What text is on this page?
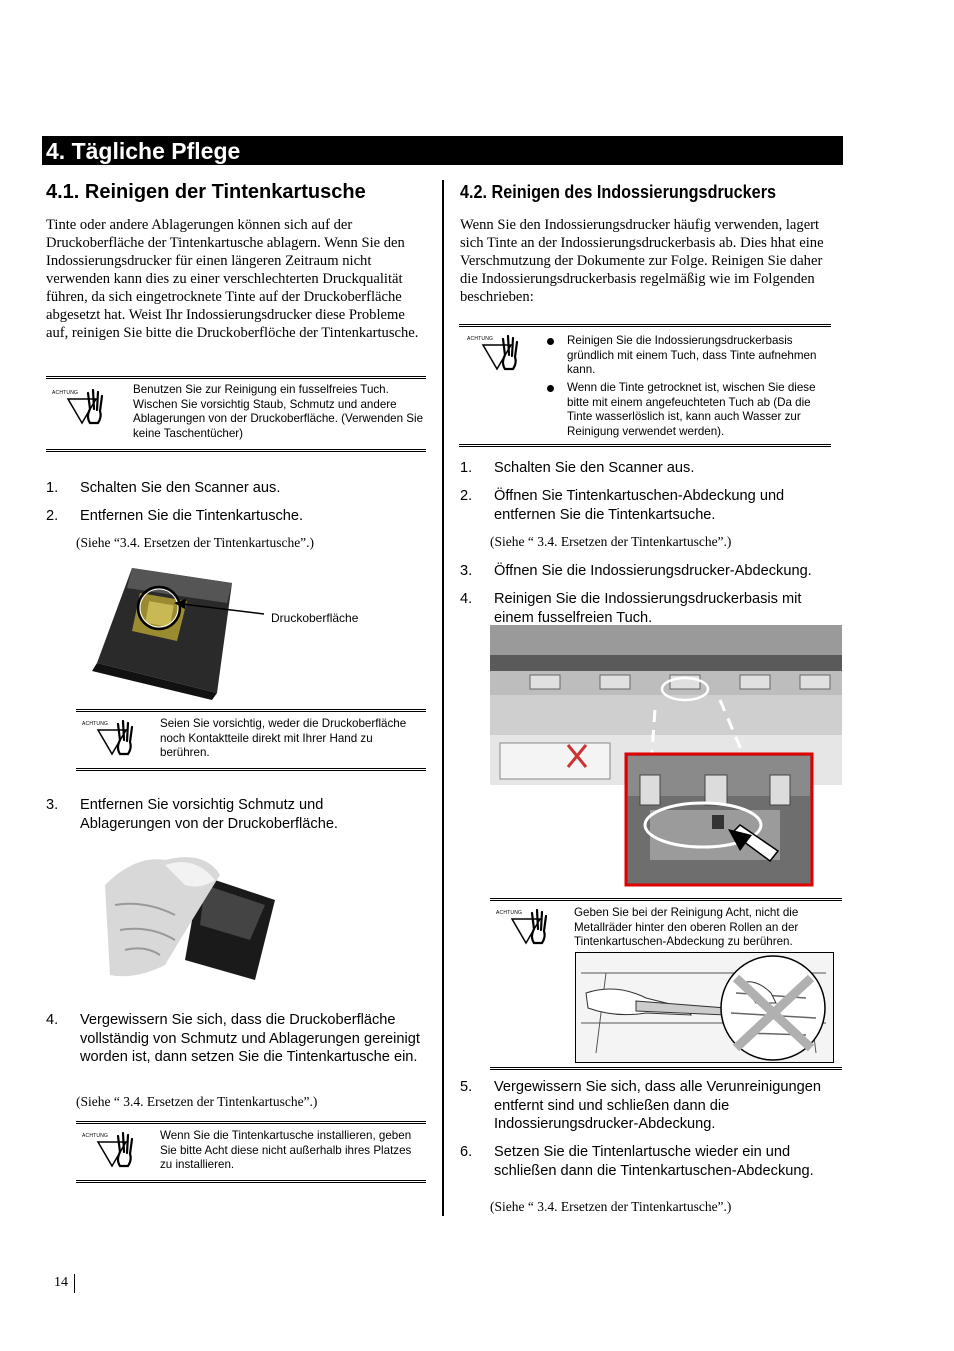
4. Tägliche Pflege
4.1. Reinigen der Tintenkartusche
Tinte oder andere Ablagerungen können sich auf der Druckoberfläche der Tintenkartusche ablagern. Wenn Sie den Indossierungsdrucker für einen längeren Zeitraum nicht verwenden kann dies zu einer verschlechterten Druckqualität führen, da sich eingetrocknete Tinte auf der Druckoberfläche abgesetzt hat. Weist Ihr Indossierungsdrucker diese Probleme auf, reinigen Sie bitte die Druckoberflöche der Tintenkartusche.
ACHTUNG	Benutzen Sie zur Reinigung ein fusselfreies Tuch. Wischen Sie vorsichtig Staub, Schmutz und andere Ablagerungen von der Druckoberfläche. (Verwenden Sie keine Taschentücher)
1. Schalten Sie den Scanner aus.
2. Entfernen Sie die Tintenkartusche.
(Siehe “3.4. Ersetzen der Tintenkartusche”.)
Druckoberfläche
ACHTUNG	Seien Sie vorsichtig, weder die Druckoberfläche noch Kontaktteile direkt mit Ihrer Hand zu berühren.
3. Entfernen Sie vorsichtig Schmutz und Ablagerungen von der Druckoberfläche.
4. Vergewissern Sie sich, dass die Druckoberfläche vollständig von Schmutz und Ablagerungen gereinigt worden ist, dann setzen Sie die Tintenkartusche ein.
(Siehe “ 3.4. Ersetzen der Tintenkartusche”.)
ACHTUNG	Wenn Sie die Tintenkartusche installieren, geben Sie bitte Acht diese nicht außerhalb ihres Platzes zu installieren.
4.2. Reinigen des Indossierungsdruckers
Wenn Sie den Indossierungsdrucker häufig verwenden, lagert sich Tinte an der Indossierungsdruckerbasis ab. Dies hhat eine Verschmutzung der Dokumente zur Folge. Reinigen Sie daher die Indossierungsdruckerbasis regelmäßig wie im Folgenden beschrieben:
ACHTUNG	Reinigen Sie die Indossierungsdruckerbasis gründlich mit einem Tuch, dass Tinte aufnehmen kann.
Wenn die Tinte getrocknet ist, wischen Sie diese bitte mit einem angefeuchteten Tuch ab (Da die Tinte wasserlöslich ist, kann auch Wasser zur Reinigung verwendet werden).
1. Schalten Sie den Scanner aus.
2. Öffnen Sie Tintenkartuschen-Abdeckung und entfernen Sie die Tintenkartsuche.
(Siehe “ 3.4. Ersetzen der Tintenkartusche”.)
3. Öffnen Sie die Indossierungsdrucker-Abdeckung.
4. Reinigen Sie die Indossierungsdruckerbasis mit einem fusselfreien Tuch.
ACHTUNG	Geben Sie bei der Reinigung Acht, nicht die Metallräder hinter den oberen Rollen an der Tintenkartuschen-Abdeckung zu berühren.
5. Vergewissern Sie sich, dass alle Verunreinigungen entfernt sind und schließen dann die Indossierungsdrucker-Abdeckung.
6. Setzen Sie die Tintenlartusche wieder ein und schließen dann die Tintenkartuschen-Abdeckung.
(Siehe “ 3.4. Ersetzen der Tintenkartusche”.)
14
